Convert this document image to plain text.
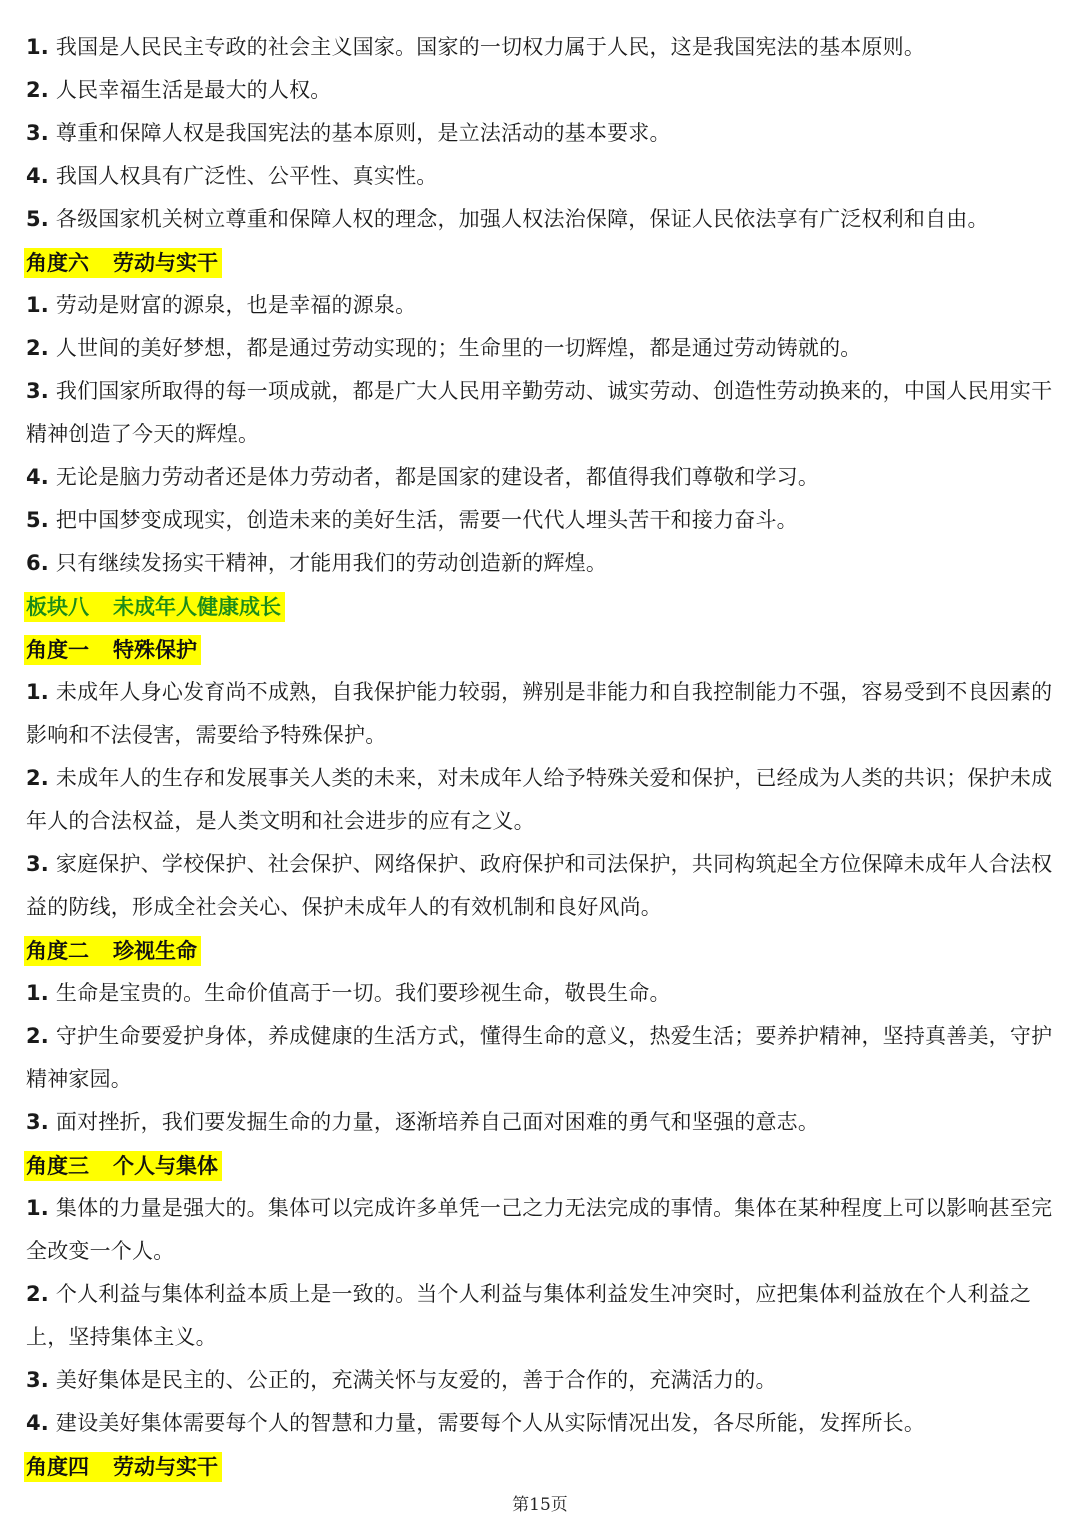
1. 我国是人民民主专政的社会主义国家。国家的一切权力属于人民，这是我国宪法的基本原则。

2. 人民幸福生活是最大的人权。

3. 尊重和保障人权是我国宪法的基本原则，是立法活动的基本要求。

4. 我国人权具有广泛性、公平性、真实性。

5. 各级国家机关树立尊重和保障人权的理念，加强人权法治保障，保证人民依法享有广泛权利和自由。

角度六 劳动与实干

1. 劳动是财富的源泉，也是幸福的源泉。

2. 人世间的美好梦想，都是通过劳动实现的；生命里的一切辉煌，都是通过劳动铸就的。

3. 我们国家所取得的每一项成就，都是广大人民用辛勤劳动、诚实劳动、创造性劳动换来的，中国人民用实干精神创造了今天的辉煌。

4. 无论是脑力劳动者还是体力劳动者，都是国家的建设者，都值得我们尊敬和学习。

5. 把中国梦变成现实，创造未来的美好生活，需要一代代人埋头苦干和接力奋斗。

6. 只有继续发扬实干精神，才能用我们的劳动创造新的辉煌。

板块八 未成年人健康成长
角度一 特殊保护

1. 未成年人身心发育尚不成熟，自我保护能力较弱，辨别是非能力和自我控制能力不强，容易受到不良因素的影响和不法侵害，需要给予特殊保护。

2. 未成年人的生存和发展事关人类的未来，对未成年人给予特殊关爱和保护，已经成为人类的共识；保护未成年人的合法权益，是人类文明和社会进步的应有之义。

3. 家庭保护、学校保护、社会保护、网络保护、政府保护和司法保护，共同构筑起全方位保障未成年人合法权益的防线，形成全社会关心、保护未成年人的有效机制和良好风尚。

角度二 珍视生命

1. 生命是宝贵的。生命价值高于一切。我们要珍视生命，敬畏生命。

2. 守护生命要爱护身体，养成健康的生活方式，懂得生命的意义，热爱生活；要养护精神，坚持真善美，守护精神家园。

3. 面对挫折，我们要发掘生命的力量，逐渐培养自己面对困难的勇气和坚强的意志。

角度三 个人与集体

1. 集体的力量是强大的。集体可以完成许多单凭一己之力无法完成的事情。集体在某种程度上可以影响甚至完全改变一个人。

2. 个人利益与集体利益本质上是一致的。当个人利益与集体利益发生冲突时，应把集体利益放在个人利益之上，坚持集体主义。

3. 美好集体是民主的、公正的，充满关怀与友爱的，善于合作的，充满活力的。

4. 建设美好集体需要每个人的智慧和力量，需要每个人从实际情况出发，各尽所能，发挥所长。

角度四 劳动与实干
第15页
